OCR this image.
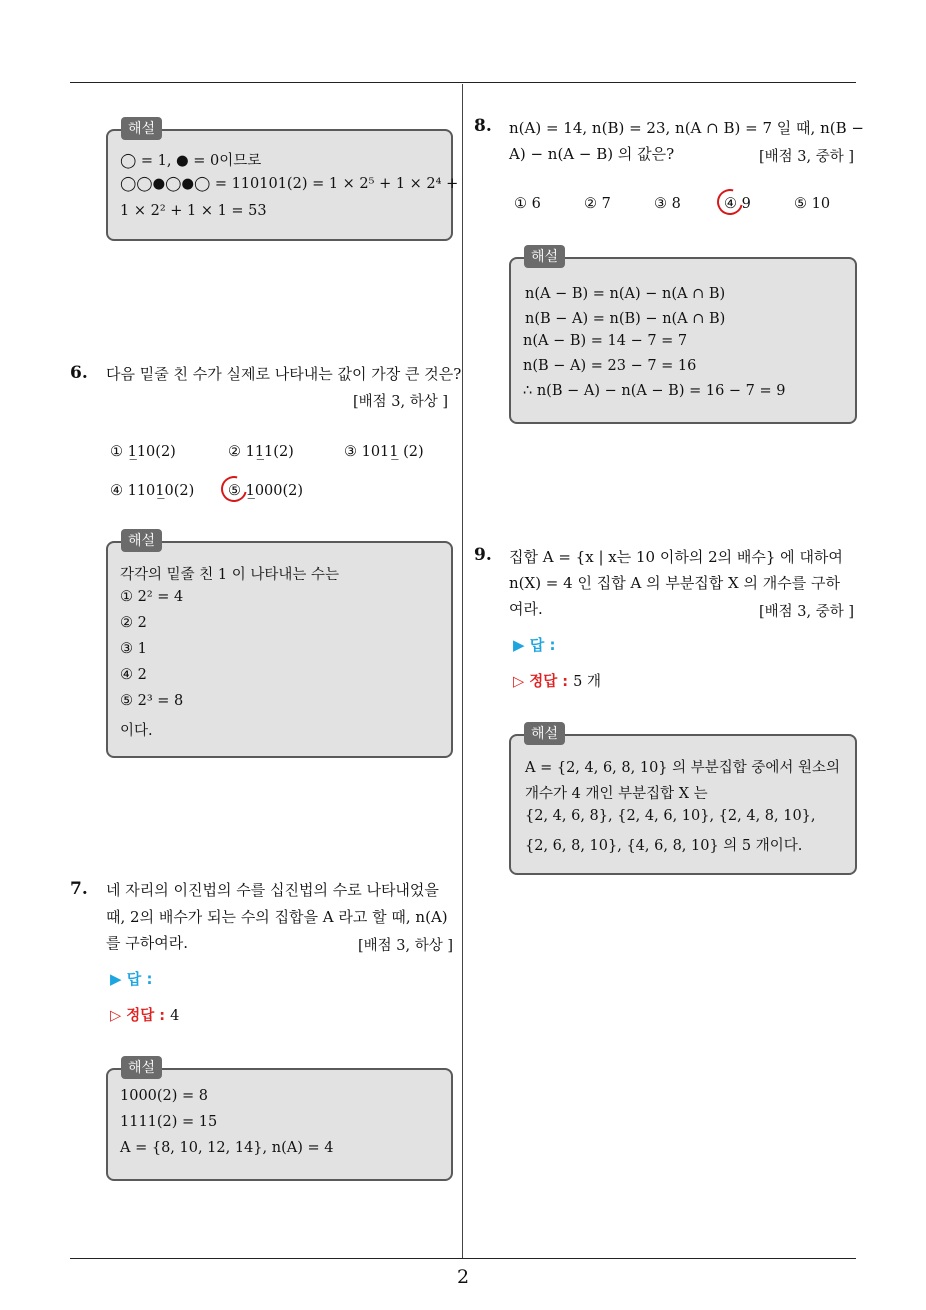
해설
◯ = 1, ● = 0이므로
◯◯●◯●◯ = 110101(2) = 1 × 2⁵ + 1 × 2⁴ +
1 × 2² + 1 × 1 = 53
6. 다음 밑줄 친 수가 실제로 나타내는 값이 가장 큰 것은?
[배점 3, 하상 ]
① 1̲10(2)	② 11̲1(2)	③ 1011̲ (2)
④ 1101̲0(2) ⑤ 1̲000(2)
해설
각각의 밑줄 친 1 이 나타내는 수는
① 2² = 4
② 2
③ 1
④ 2
⑤ 2³ = 8
이다.
7. 네 자리의 이진법의 수를 십진법의 수로 나타내었을
때, 2의 배수가 되는 수의 집합을 A 라고 할 때, n(A)
를 구하여라.	[배점 3, 하상 ]
▶ 답 :
▷ 정답 : 4
해설
1000(2) = 8
1111(2) = 15
A = {8, 10, 12, 14}, n(A) = 4
8. n(A) = 14, n(B) = 23, n(A ∩ B) = 7 일 때, n(B −
A) − n(A − B) 의 값은?	[배점 3, 중하 ]
① 6	② 7	③ 8	④ 9	⑤ 10
해설
n(A − B) = n(A) − n(A ∩ B)
n(B − A) = n(B) − n(A ∩ B)
n(A − B) = 14 − 7 = 7
n(B − A) = 23 − 7 = 16
∴ n(B − A) − n(A − B) = 16 − 7 = 9
9. 집합 A = {x | x는 10 이하의 2의 배수} 에 대하여
n(X) = 4 인 집합 A 의 부분집합 X 의 개수를 구하
여라.	[배점 3, 중하 ]
▶ 답 :
▷ 정답 : 5 개
해설
A = {2, 4, 6, 8, 10} 의 부분집합 중에서 원소의
개수가 4 개인 부분집합 X 는
{2, 4, 6, 8}, {2, 4, 6, 10}, {2, 4, 8, 10},
{2, 6, 8, 10}, {4, 6, 8, 10} 의 5 개이다.
2
